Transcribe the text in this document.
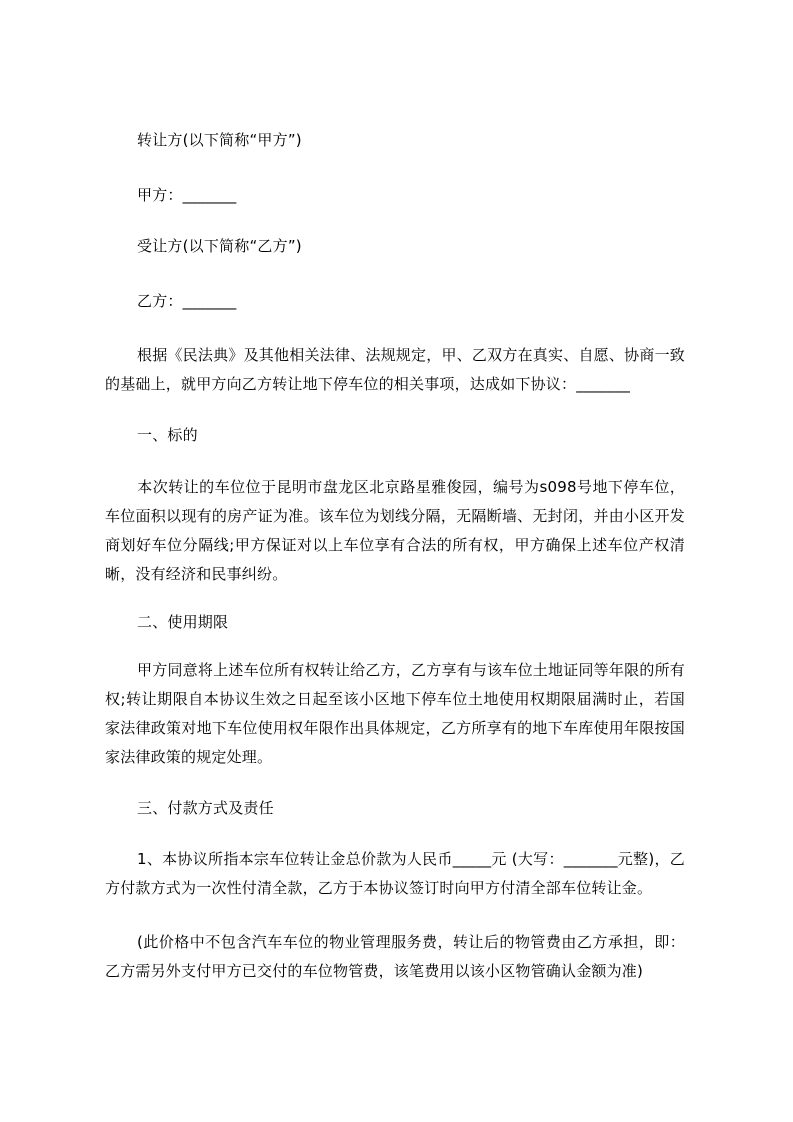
转让方(以下简称“甲方”)
甲方：_______
受让方(以下简称“乙方”)
乙方：_______
根据《民法典》及其他相关法律、法规规定，甲、乙双方在真实、自愿、协商一致的基础上，就甲方向乙方转让地下停车位的相关事项，达成如下协议：_______
一、标的
本次转让的车位位于昆明市盘龙区北京路星雅俊园，编号为s098号地下停车位，车位面积以现有的房产证为准。该车位为划线分隔，无隔断墙、无封闭，并由小区开发商划好车位分隔线;甲方保证对以上车位享有合法的所有权，甲方确保上述车位产权清晰，没有经济和民事纠纷。
二、使用期限
甲方同意将上述车位所有权转让给乙方，乙方享有与该车位土地证同等年限的所有权;转让期限自本协议生效之日起至该小区地下停车位土地使用权期限届满时止，若国家法律政策对地下车位使用权年限作出具体规定，乙方所享有的地下车库使用年限按国家法律政策的规定处理。
三、付款方式及责任
1、本协议所指本宗车位转让金总价款为人民币_____元 (大写：_______元整)，乙方付款方式为一次性付清全款，乙方于本协议签订时向甲方付清全部车位转让金。
(此价格中不包含汽车车位的物业管理服务费，转让后的物管费由乙方承担，即：乙方需另外支付甲方已交付的车位物管费，该笔费用以该小区物管确认金额为准)
